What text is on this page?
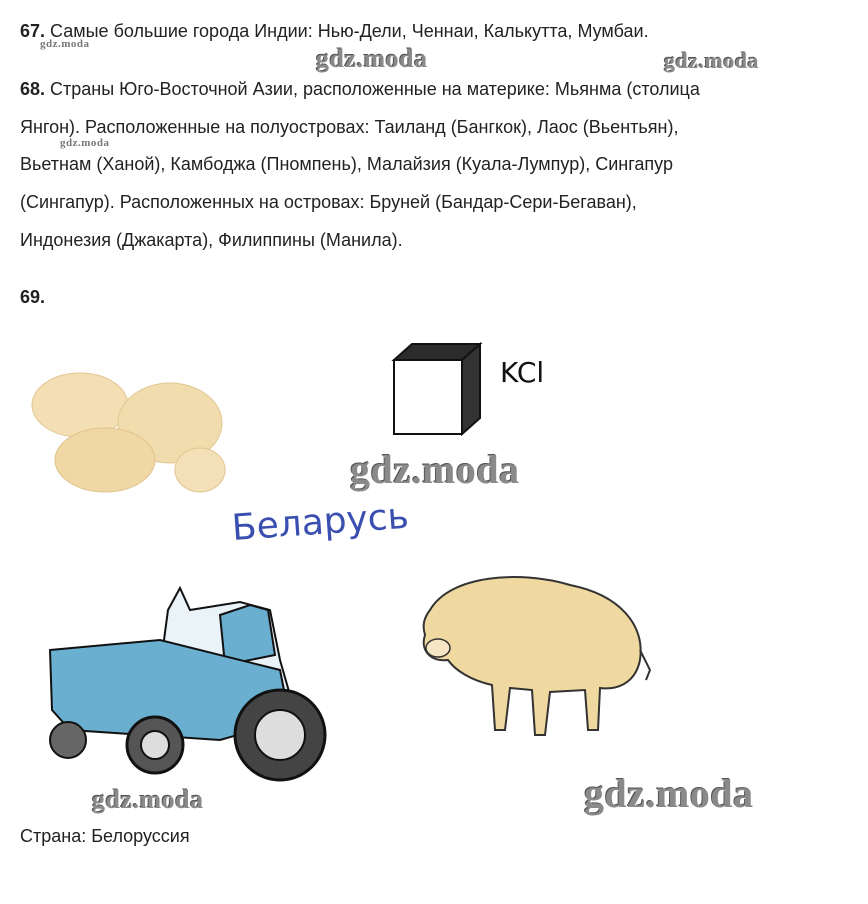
67. Самые большие города Индии: Нью-Дели, Ченнаи, Калькутта, Мумбаи.
gdz.moda	gdz.moda	gdz.moda
68. Страны Юго-Восточной Азии, расположенные на материке: Мьянма (столица
Янгон). Расположенные на полуостровах: Таиланд (Бангкок), Лаос (Вьентьян),
gdz.moda
Вьетнам (Ханой), Камбоджа (Пномпень), Малайзия (Куала-Лумпур), Сингапур
(Сингапур). Расположенных на островах: Бруней (Бандар-Сери-Бегаван),
Индонезия (Джакарта), Филиппины (Манила).
69.
KCl
gdz.moda
Беларусь
gdz.moda	gdz.moda
Страна: Белоруссия
